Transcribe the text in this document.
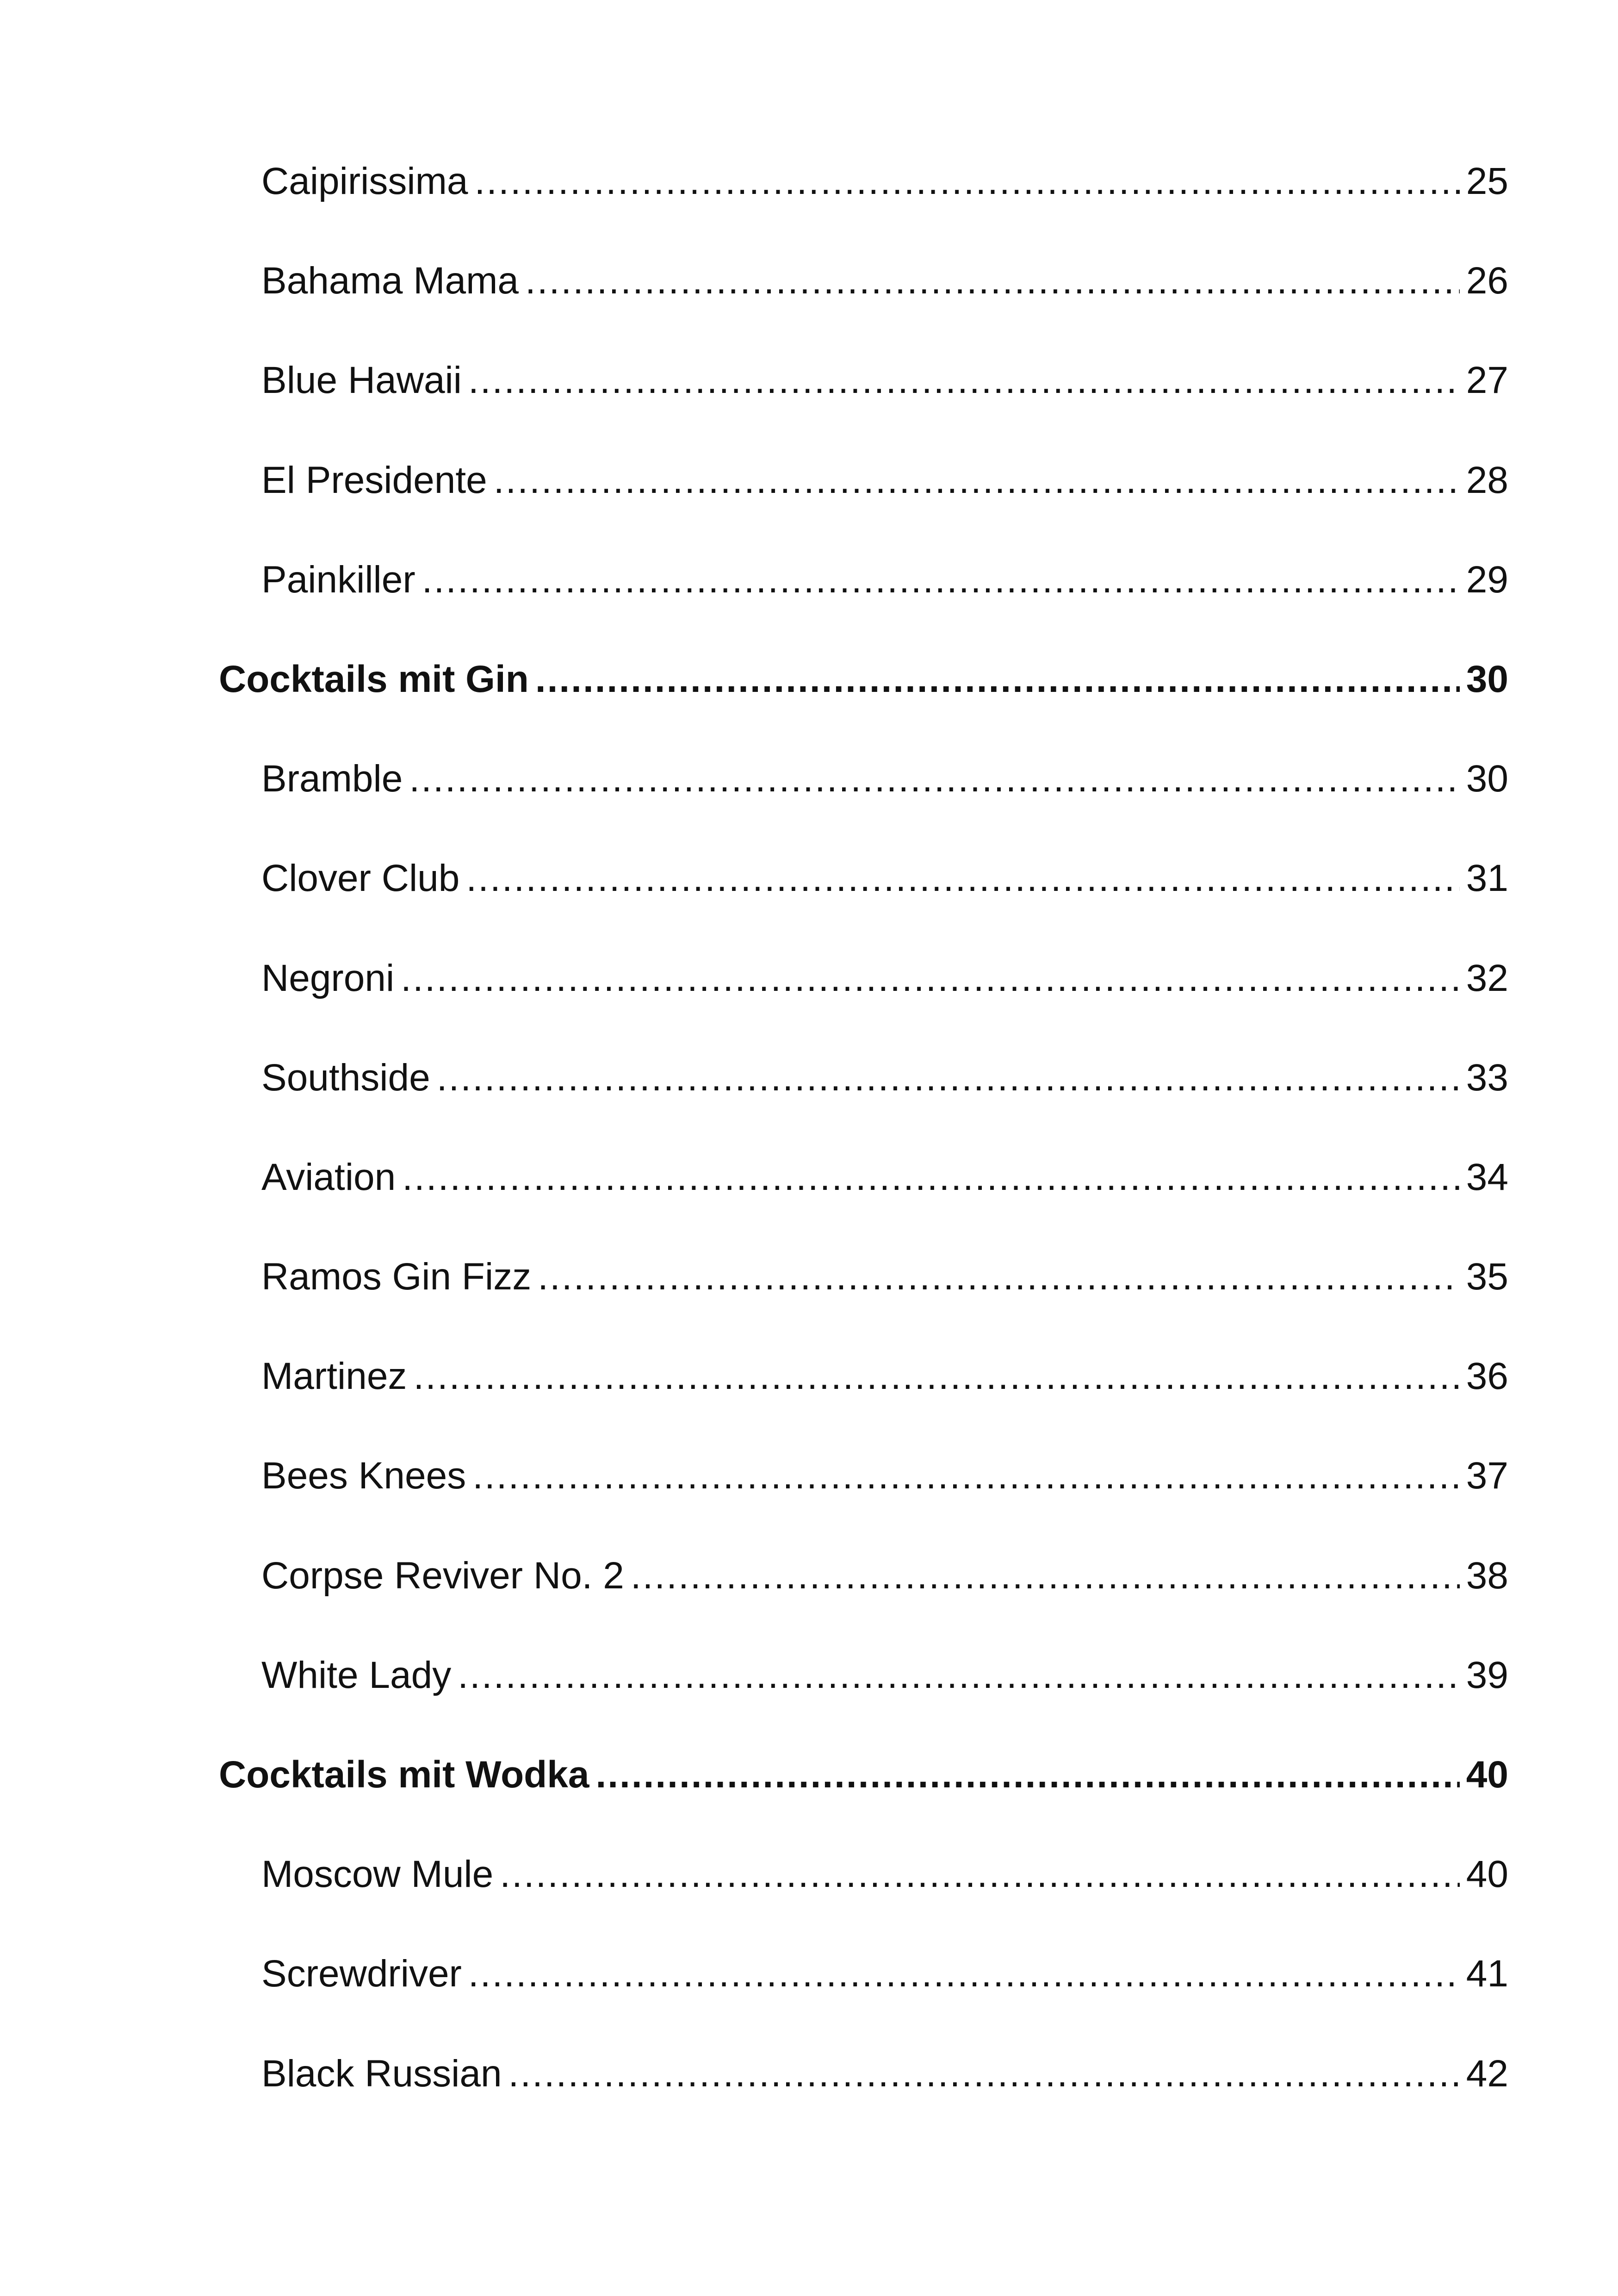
Caipirissima .....	25
Bahama Mama .....	26
Blue Hawaii .....	27
El Presidente .....	28
Painkiller .....	29
Cocktails mit Gin .....	30
Bramble .....	30
Clover Club .....	31
Negroni .....	32
Southside .....	33
Aviation .....	34
Ramos Gin Fizz .....	35
Martinez .....	36
Bees Knees .....	37
Corpse Reviver No. 2 .....	38
White Lady .....	39
Cocktails mit Wodka .....	40
Moscow Mule .....	40
Screwdriver .....	41
Black Russian .....	42
